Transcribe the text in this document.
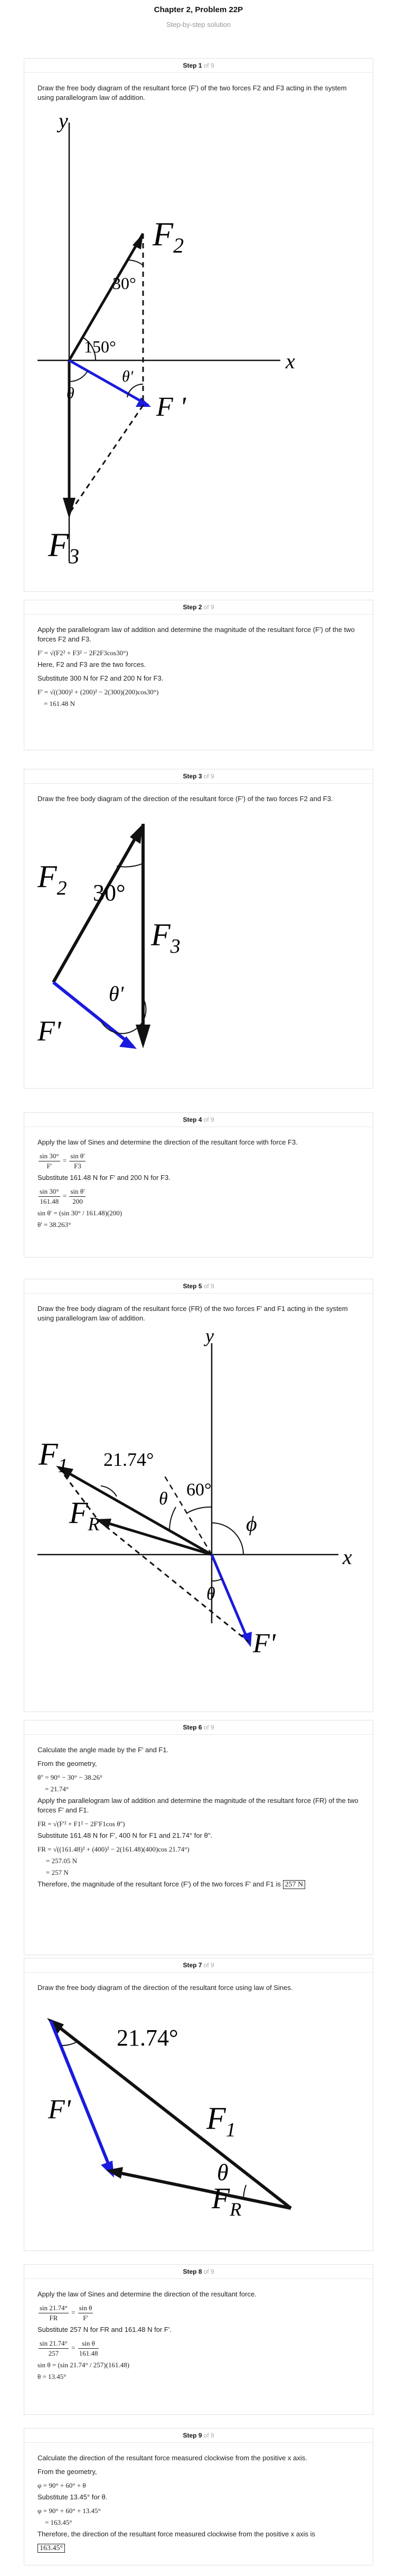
Chapter 2, Problem 22P
Step-by-step solution
Step 1 of 9
Draw the free body diagram of the resultant force (F') of the two forces F2 and F3 acting in the system using parallelogram law of addition.
y
x
$F_2$
$F_3$
F '
150°
θ
30°
θ'
Step 2 of 9
Apply the parallelogram law of addition and determine the magnitude of the resultant force (F') of the two forces F2 and F3.
F' = √(F2² + F3² − 2F2F3cos30°)
Here, F2 and F3 are the two forces.
Substitute 300 N for F2 and 200 N for F3.
F' = √((300)² + (200)² − 2(300)(200)cos30°)
= 161.48 N
Step 3 of 9
Draw the free body diagram of the direction of the resultant force (F') of the two forces F2 and F3.
30°
θ'
$F_2$
$F_3$
F'
Step 4 of 9
Apply the law of Sines and determine the direction of the resultant force with force F3.
$\frac{\sin 30^\circ}{F'} = \frac{\text{sin θ'}}{F3}$
Substitute 161.48 N for F' and 200 N for F3.
$\frac{\sin 30^\circ}{161.48} = \frac{\text{sin θ'}}{200}$
sin θ' = (sin 30° / 161.48)(200)
θ' = 38.263°
Step 5 of 9
Draw the free body diagram of the resultant force (FR) of the two forces F' and F1 acting in the system using parallelogram law of addition.
y
x
$F_1$
$F_R$
F'
21.74°
θ 60°
ϕ
θ
Step 6 of 9
Calculate the angle made by the F' and F1.
From the geometry,
θ'' = 90° − 30° − 38.26°
= 21.74°
Apply the parallelogram law of addition and determine the magnitude of the resultant force (FR) of the two forces F' and F1.
FR = √(F'² + F1² − 2F'F1cos θ'')
Substitute 161.48 N for F', 400 N for F1 and 21.74° for θ''.
FR = √((161.48)² + (400)² − 2(161.48)(400)cos 21.74°)
= 257.05 N
= 257 N
Therefore, the magnitude of the resultant force (F') of the two forces F' and F1 is 257 N
Step 7 of 9
Draw the free body diagram of the direction of the resultant force using law of Sines.
21.74°
θ
$F_1$
$F_R$
F'
Step 8 of 9
Apply the law of Sines and determine the direction of the resultant force.
$\frac{\sin 21.74^\circ}{FR} = \frac{\text{sin θ}}{F'}$
Substitute 257 N for FR and 161.48 N for F'.
$\frac{\sin 21.74^\circ}{257} = \frac{\text{sin θ}}{161.48}$
sin θ = (sin 21.74° / 257)(161.48)
θ = 13.45°
Step 9 of 9
Calculate the direction of the resultant force measured clockwise from the positive x axis.
From the geometry,
φ = 90° + 60° + θ
Substitute 13.45° for θ.
φ = 90° + 60° + 13.45°
= 163.45°
Therefore, the direction of the resultant force measured clockwise from the positive x axis is
163.45°
